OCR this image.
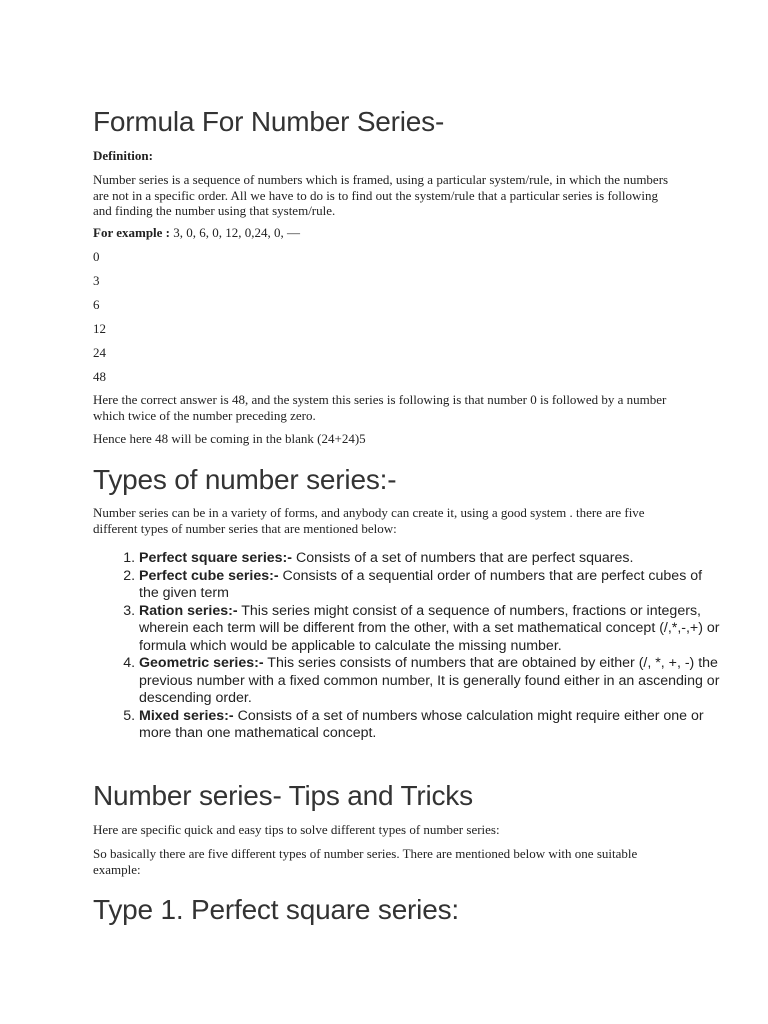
Formula For Number Series-

Definition:

Number series is a sequence of numbers which is framed, using a particular system/rule, in which the numbers are not in a specific order. All we have to do is to find out the system/rule that a particular series is following and finding the number using that system/rule.

For example : 3, 0, 6, 0, 12, 0,24, 0, —

0

3

6

12

24

48

Here the correct answer is 48, and the system this series is following is that number 0 is followed by a number which twice of the number preceding zero.

Hence here 48 will be coming in the blank (24+24)5

Types of number series:-

Number series can be in a variety of forms, and anybody can create it, using a good system . there are five different types of number series that are mentioned below:

1. Perfect square series:- Consists of a set of numbers that are perfect squares.
2. Perfect cube series:- Consists of a sequential order of numbers that are perfect cubes of the given term
3. Ration series:- This series might consist of a sequence of numbers, fractions or integers, wherein each term will be different from the other, with a set mathematical concept (/,*,-,+) or formula which would be applicable to calculate the missing number.
4. Geometric series:- This series consists of numbers that are obtained by either (/, *, +, -) the previous number with a fixed common number, It is generally found either in an ascending or descending order.
5. Mixed series:- Consists of a set of numbers whose calculation might require either one or more than one mathematical concept.
Number series- Tips and Tricks

Here are specific quick and easy tips to solve different types of number series:

So basically there are five different types of number series. There are mentioned below with one suitable example:

Type 1. Perfect square series:
